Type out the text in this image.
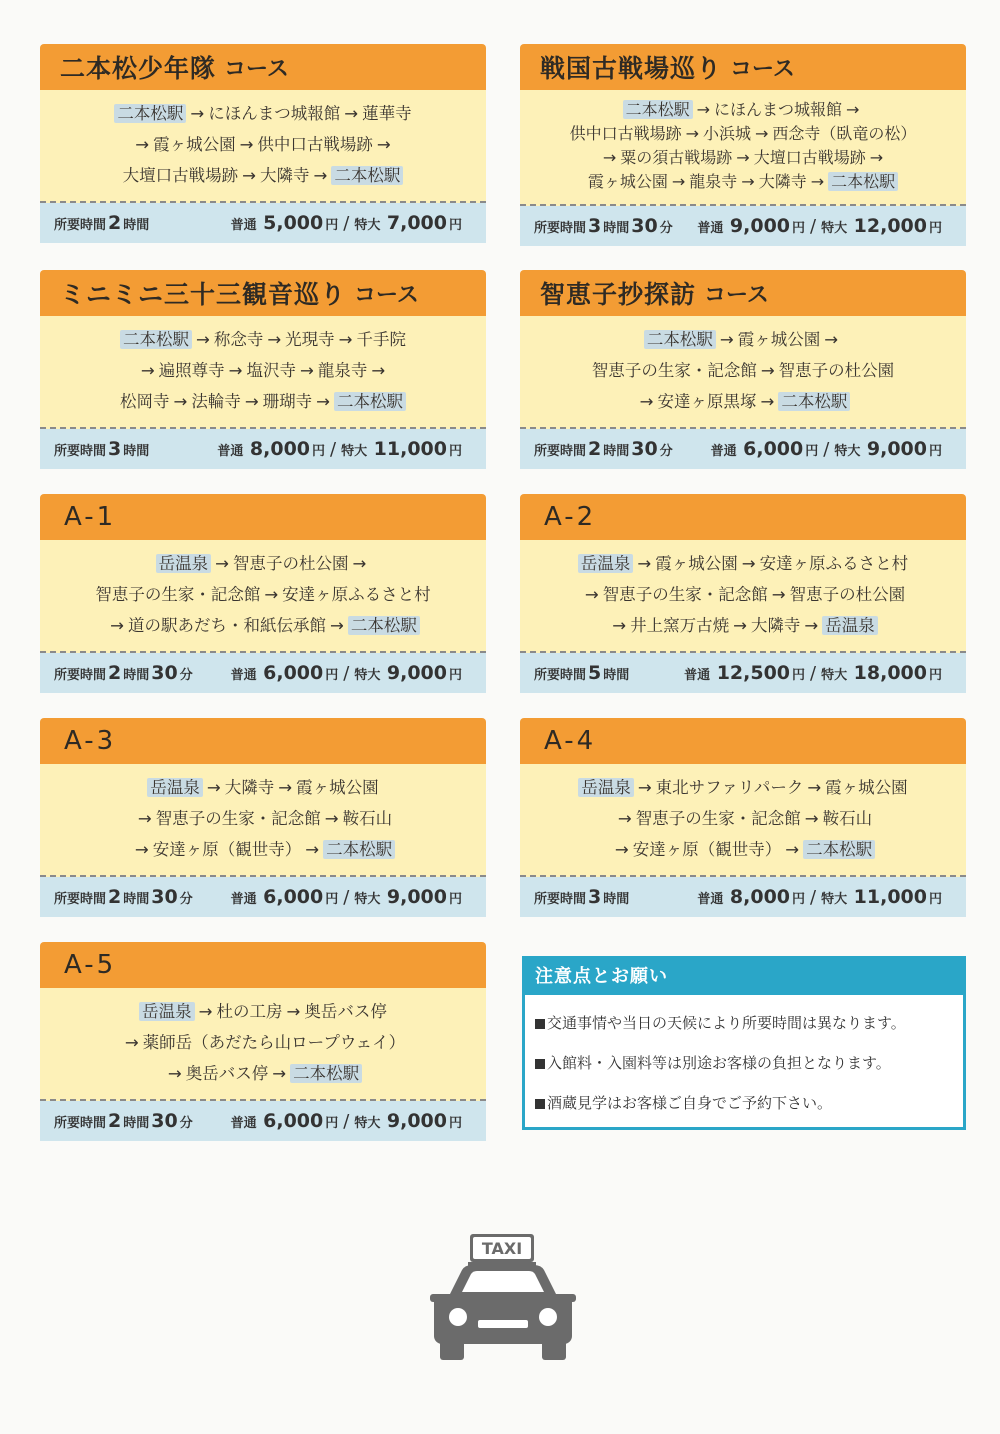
二本松少年隊 コース
二本松駅 → にほんまつ城報館 → 蓮華寺
→ 霞ヶ城公園 → 供中口古戦場跡 →
大壇口古戦場跡 → 大隣寺 → 二本松駅
所要時間 2 時間	普通 5,000 円 / 特大 7,000 円
戦国古戦場巡り コース
二本松駅 → にほんまつ城報館 →
供中口古戦場跡 → 小浜城 → 西念寺（臥竜の松）
→ 粟の須古戦場跡 → 大壇口古戦場跡 →
霞ヶ城公園 → 龍泉寺 → 大隣寺 → 二本松駅
所要時間 3 時間 30 分 普通 9,000 円 / 特大 12,000 円
ミニミニ三十三観音巡り コース
二本松駅 → 称念寺 → 光現寺 → 千手院
→ 遍照尊寺 → 塩沢寺 → 龍泉寺 →
松岡寺 → 法輪寺 → 珊瑚寺 → 二本松駅
所要時間 3 時間	普通 8,000 円 / 特大 11,000 円
智恵子抄探訪 コース
二本松駅 → 霞ヶ城公園 →
智恵子の生家・記念館 → 智恵子の杜公園
→ 安達ヶ原黒塚 → 二本松駅
所要時間 2 時間 30 分	普通 6,000 円 / 特大 9,000 円
A-1
岳温泉 → 智恵子の杜公園 →
智恵子の生家・記念館 → 安達ヶ原ふるさと村
→ 道の駅あだち・和紙伝承館 → 二本松駅
所要時間 2 時間 30 分	普通 6,000 円 / 特大 9,000 円
A-2
岳温泉 → 霞ヶ城公園 → 安達ヶ原ふるさと村
→ 智恵子の生家・記念館 → 智恵子の杜公園
→ 井上窯万古焼 → 大隣寺 → 岳温泉
所要時間 5 時間	普通 12,500 円 / 特大 18,000 円
A-3
岳温泉 → 大隣寺 → 霞ヶ城公園
→ 智恵子の生家・記念館 → 鞍石山
→ 安達ヶ原（観世寺） → 二本松駅
所要時間 2 時間 30 分	普通 6,000 円 / 特大 9,000 円
A-4
岳温泉 → 東北サファリパーク → 霞ヶ城公園
→ 智恵子の生家・記念館 → 鞍石山
→ 安達ヶ原（観世寺） → 二本松駅
所要時間 3 時間	普通 8,000 円 / 特大 11,000 円
A-5
岳温泉 → 杜の工房 → 奥岳バス停
→ 薬師岳（あだたら山ロープウェイ）
→ 奥岳バス停 → 二本松駅
所要時間 2 時間 30 分	普通 6,000 円 / 特大 9,000 円
注意点とお願い
交通事情や当日の天候により所要時間は異なります。
入館料・入園料等は別途お客様の負担となります。
酒蔵見学はお客様ご自身でご予約下さい。
TAXI
